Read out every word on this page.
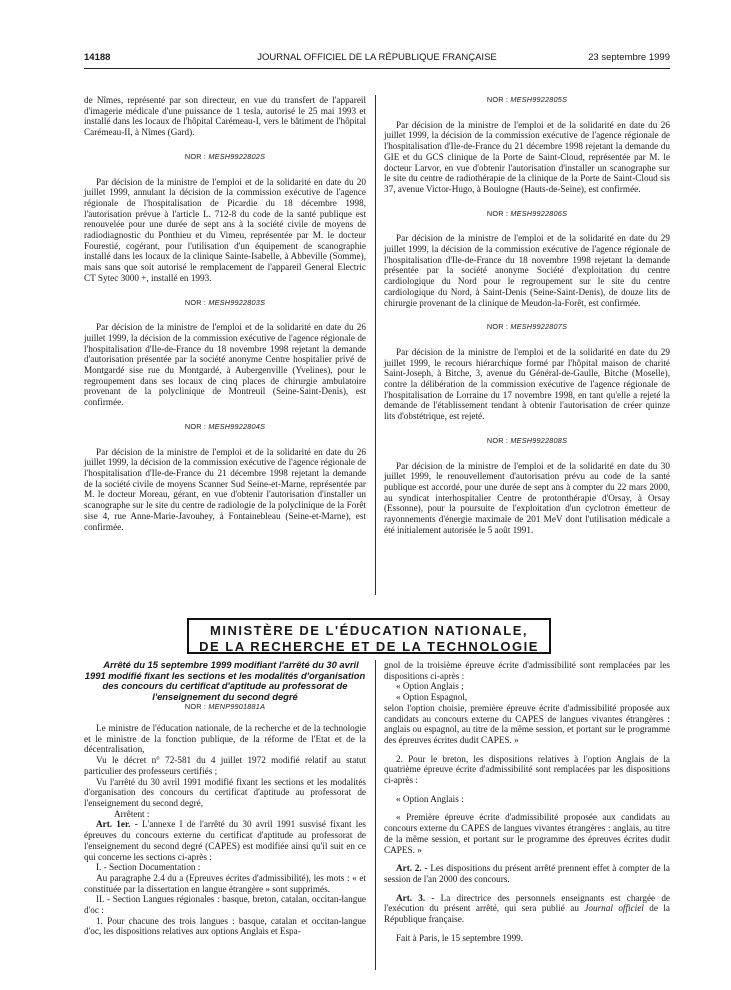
14188	JOURNAL OFFICIEL DE LA RÉPUBLIQUE FRANÇAISE	23 septembre 1999

de Nîmes, représenté par son directeur, en vue du transfert de l'appareil d'imagerie médicale d'une puissance de 1 tesla, autorisé le 25 mai 1993 et installé dans les locaux de l'hôpital Carémeau-I, vers le bâtiment de l'hôpital Carémeau-II, à Nîmes (Gard).

NOR : MESH9922802S

Par décision de la ministre de l'emploi et de la solidarité en date du 20 juillet 1999, annulant la décision de la commission exécutive de l'agence régionale de l'hospitalisation de Picardie du 18 décembre 1998, l'autorisation prévue à l'article L. 712-8 du code de la santé publique est renouvelée pour une durée de sept ans à la société civile de moyens de radiodiagnostic du Ponthieu et du Vimeu, représentée par M. le docteur Fourestié, cogérant, pour l'utilisation d'un équipement de scanographie installé dans les locaux de la clinique Sainte-Isabelle, à Abbeville (Somme), mais sans que soit autorisé le remplacement de l'appareil General Electric CT Sytec 3000 +, installé en 1993.

NOR : MESH9922803S

Par décision de la ministre de l'emploi et de la solidarité en date du 26 juillet 1999, la décision de la commission exécutive de l'agence régionale de l'hospitalisation d'Ile-de-France du 18 novembre 1998 rejetant la demande d'autorisation présentée par la société anonyme Centre hospitalier privé de Montgardé sise rue du Montgardé, à Aubergenville (Yvelines), pour le regroupement dans ses locaux de cinq places de chirurgie ambulatoire provenant de la polyclinique de Montreuil (Seine-Saint-Denis), est confirmée.

NOR : MESH9922804S

Par décision de la ministre de l'emploi et de la solidarité en date du 26 juillet 1999, la décision de la commission exécutive de l'agence régionale de l'hospitalisation d'Ile-de-France du 21 décembre 1998 rejetant la demande de la société civile de moyens Scanner Sud Seine-et-Marne, représentée par M. le docteur Moreau, gérant, en vue d'obtenir l'autorisation d'installer un scanographe sur le site du centre de radiologie de la polyclinique de la Forêt sise 4, rue Anne-Marie-Javouhey, à Fontainebleau (Seine-et-Marne), est confirmée.

NOR : MESH9922805S

Par décision de la ministre de l'emploi et de la solidarité en date du 26 juillet 1999, la décision de la commission exécutive de l'agence régionale de l'hospitalisation d'Ile-de-France du 21 décembre 1998 rejetant la demande du GIE et du GCS clinique de la Porte de Saint-Cloud, représentée par M. le docteur Larvor, en vue d'obtenir l'autorisation d'installer un scanographe sur le site du centre de radiothérapie de la clinique de la Porte de Saint-Cloud sis 37, avenue Victor-Hugo, à Boulogne (Hauts-de-Seine), est confirmée.

NOR : MESH9922806S

Par décision de la ministre de l'emploi et de la solidarité en date du 29 juillet 1999, la décision de la commission exécutive de l'agence régionale de l'hospitalisation d'Ile-de-France du 18 novembre 1998 rejetant la demande présentée par la société anonyme Société d'exploitation du centre cardiologique du Nord pour le regroupement sur le site du centre cardiologique du Nord, à Saint-Denis (Seine-Saint-Denis), de douze lits de chirurgie provenant de la clinique de Meudon-la-Forêt, est confirmée.

NOR : MESH9922807S

Par décision de la ministre de l'emploi et de la solidarité en date du 29 juillet 1999, le recours hiérarchique formé par l'hôpital maison de charité Saint-Joseph, à Bitche, 3, avenue du Général-de-Gaulle, Bitche (Moselle), contre la délibération de la commission exécutive de l'agence régionale de l'hospitalisation de Lorraine du 17 novembre 1998, en tant qu'elle a rejeté la demande de l'établissement tendant à obtenir l'autorisation de créer quinze lits d'obstétrique, est rejeté.

NOR : MESH9922808S

Par décision de la ministre de l'emploi et de la solidarité en date du 30 juillet 1999, le renouvellement d'autorisation prévu au code de la santé publique est accordé, pour une durée de sept ans à compter du 22 mars 2000, au syndicat interhospitalier Centre de protonthérapie d'Orsay, à Orsay (Essonne), pour la poursuite de l'exploitation d'un cyclotron émetteur de rayonnements d'énergie maximale de 201 MeV dont l'utilisation médicale a été initialement autorisée le 5 août 1991.

MINISTÈRE DE L'ÉDUCATION NATIONALE,
DE LA RECHERCHE ET DE LA TECHNOLOGIE

Arrêté du 15 septembre 1999 modifiant l'arrêté du 30 avril 1991 modifié fixant les sections et les modalités d'organisation des concours du certificat d'aptitude au professorat de l'enseignement du second degré

NOR : MENP9901881A

Le ministre de l'éducation nationale, de la recherche et de la technologie et le ministre de la fonction publique, de la réforme de l'Etat et de la décentralisation,

Vu le décret n° 72-581 du 4 juillet 1972 modifié relatif au statut particulier des professeurs certifiés ;

Vu l'arrêté du 30 avril 1991 modifié fixant les sections et les modalités d'organisation des concours du certificat d'aptitude au professorat de l'enseignement du second degré,

Arrêtent :

Art. 1er. - L'annexe I de l'arrêté du 30 avril 1991 susvisé fixant les épreuves du concours externe du certificat d'aptitude au professorat de l'enseignement du second degré (CAPES) est modifiée ainsi qu'il suit en ce qui concerne les sections ci-après :

I. - Section Documentation :

Au paragraphe 2.4 du a (Epreuves écrites d'admissibilité), les mots : « et constituée par la dissertation en langue étrangère » sont supprimés.

II. - Section Langues régionales : basque, breton, catalan, occitan-langue d'oc :

1. Pour chacune des trois langues : basque, catalan et occitan-langue d'oc, les dispositions relatives aux options Anglais et Espa-

gnol de la troisième épreuve écrite d'admissibilité sont remplacées par les dispositions ci-après :

« Option Anglais ;

« Option Espagnol,

selon l'option choisie, première épreuve écrite d'admissibilité proposée aux candidats au concours externe du CAPES de langues vivantes étrangères : anglais ou espagnol, au titre de la même session, et portant sur le programme des épreuves écrites dudit CAPES. »

2. Pour le breton, les dispositions relatives à l'option Anglais de la quatrième épreuve écrite d'admissibilité sont remplacées par les dispositions ci-après :

« Option Anglais :

« Première épreuve écrite d'admissibilité proposée aux candidats au concours externe du CAPES de langues vivantes étrangères : anglais, au titre de la même session, et portant sur le programme des épreuves écrites dudit CAPES. »

Art. 2. - Les dispositions du présent arrêté prennent effet à compter de la session de l'an 2000 des concours.

Art. 3. - La directrice des personnels enseignants est chargée de l'exécution du présent arrêté, qui sera publié au Journal officiel de la République française.

Fait à Paris, le 15 septembre 1999.
